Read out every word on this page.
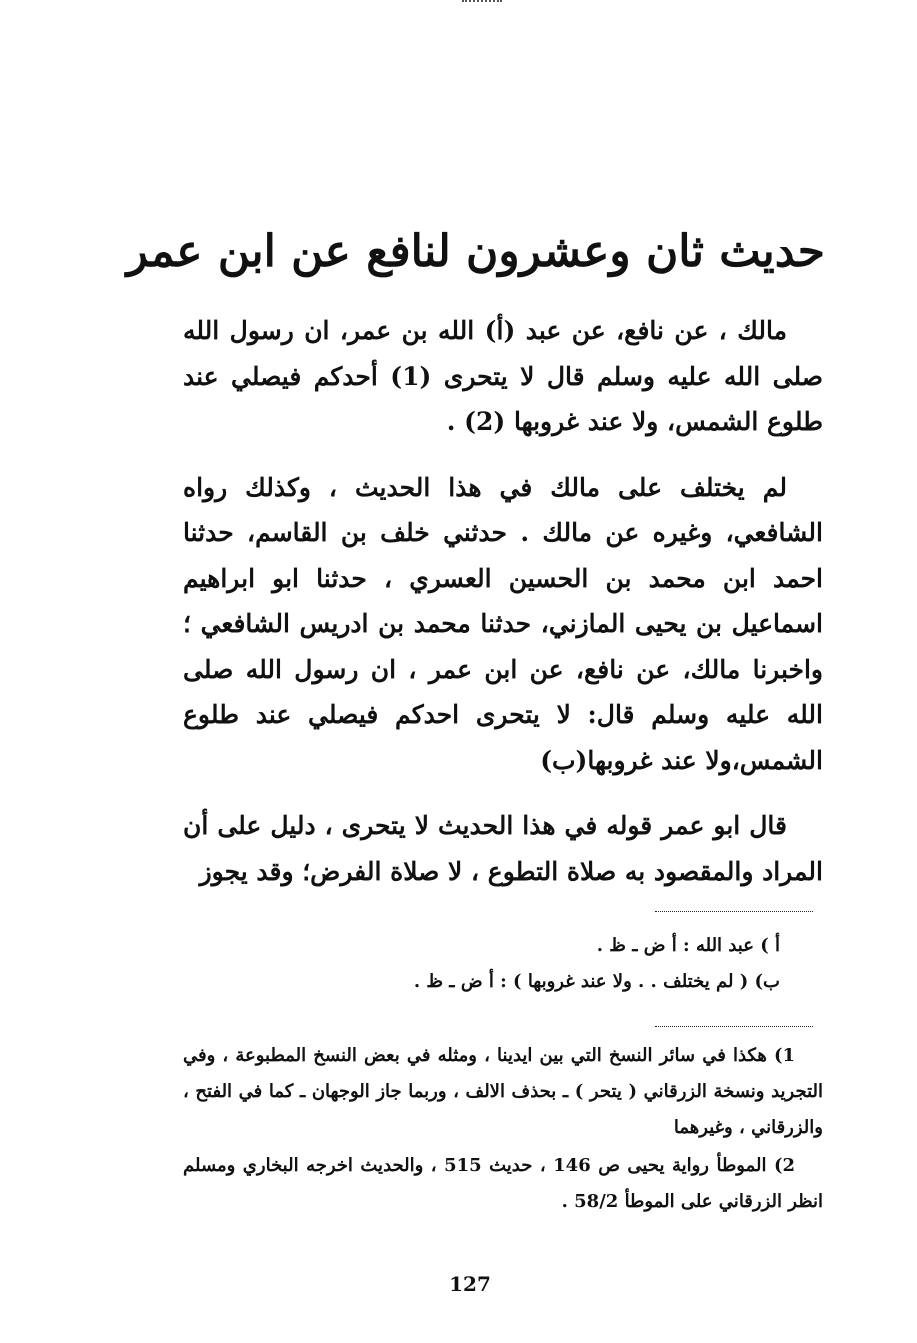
حديث ثان وعشرون لنافع عن ابن عمر

مالك ، عن نافع، عن عبد (أ) الله بن عمر، ان رسول الله صلى الله عليه وسلم قال لا يتحرى (1) أحدكم فيصلي عند طلوع الشمس، ولا عند غروبها (2) .

لم يختلف على مالك في هذا الحديث ، وكذلك رواه الشافعي، وغيره عن مالك . حدثني خلف بن القاسم، حدثنا احمد ابن محمد بن الحسين العسري ، حدثنا ابو ابراهيم اسماعيل بن يحيى المازني، حدثنا محمد بن ادريس الشافعي ؛ واخبرنا مالك، عن نافع، عن ابن عمر ، ان رسول الله صلى الله عليه وسلم قال: لا يتحرى احدكم فيصلي عند طلوع الشمس،ولا عند غروبها(ب)

قال ابو عمر قوله في هذا الحديث لا يتحرى ، دليل على أن المراد والمقصود به صلاة التطوع ، لا صلاة الفرض؛ وقد يجوز

أ ) عبد الله : أ ض ـ ظ .

ب) ( لم يختلف . . ولا عند غروبها ) : أ ض ـ ظ .

1) هكذا في سائر النسخ التي بين ايدينا ، ومثله في بعض النسخ المطبوعة ، وفي التجريد ونسخة الزرقاني ( يتحر ) ـ بحذف الالف ، وربما جاز الوجهان ـ كما في الفتح ، والزرقاني ، وغيرهما

2) الموطأ رواية يحيى ص 146 ، حديث 515 ، والحديث اخرجه البخاري ومسلم انظر الزرقاني على الموطأ 58/2 .

127
